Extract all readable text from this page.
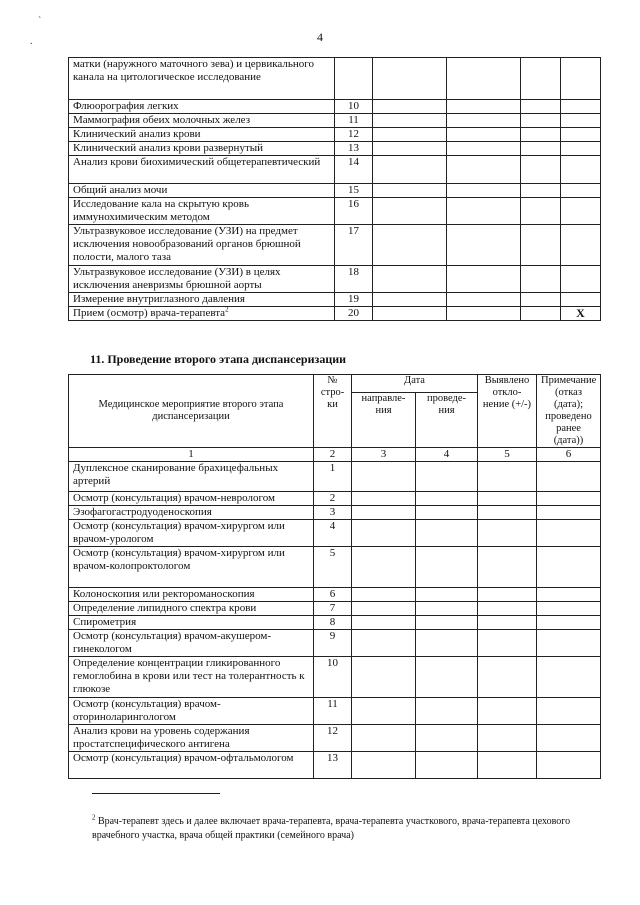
`
.	4
матки (наружного маточного зева) и цервикального канала на цитологическое исследование					
Флюорография легких	10				
Маммография обеих молочных желез	11				
Клинический анализ крови	12				
Клинический анализ крови развернутый	13				
Анализ крови биохимический общетерапевтический	14				
Общий анализ мочи	15				
Исследование кала на скрытую кровь иммунохимическим методом	16				
Ультразвуковое исследование (УЗИ) на предмет исключения новообразований органов брюшной полости, малого таза	17				
Ультразвуковое исследование (УЗИ) в целях исключения аневризмы брюшной аорты	18				
Измерение внутриглазного давления	19				
Прием (осмотр) врача-терапевта$^2$	20				X
11. Проведение второго этапа диспансеризации
Медицинское мероприятие второго этапа диспансеризации	№ стро-ки	Дата		Выявлено откло-нение (+/-)	Примечание (отказ (дата); проведено ранее (дата))
		направле-ния	проведе-ния		
1	2	3	4	5	6
Дуплексное сканирование брахицефальных артерий	1				
Осмотр (консультация) врачом-неврологом	2				
Эзофагогастродуоденоскопия	3				
Осмотр (консультация) врачом-хирургом или врачом-урологом	4				
Осмотр (консультация) врачом-хирургом или врачом-колопроктологом	5				
Колоноскопия или ректороманоскопия	6				
Определение липидного спектра крови	7				
Спирометрия	8				
Осмотр (консультация) врачом-акушером-гинекологом	9				
Определение концентрации гликированного гемоглобина в крови или тест на толерантность к глюкозе	10				
Осмотр (консультация) врачом-оториноларингологом	11				
Анализ крови на уровень содержания простатспецифического антигена	12				
Осмотр (консультация) врачом-офтальмологом	13				
$^2$ Врач-терапевт здесь и далее включает врача-терапевта, врача-терапевта участкового, врача-терапевта цехового врачебного участка, врача общей практики (семейного врача)
